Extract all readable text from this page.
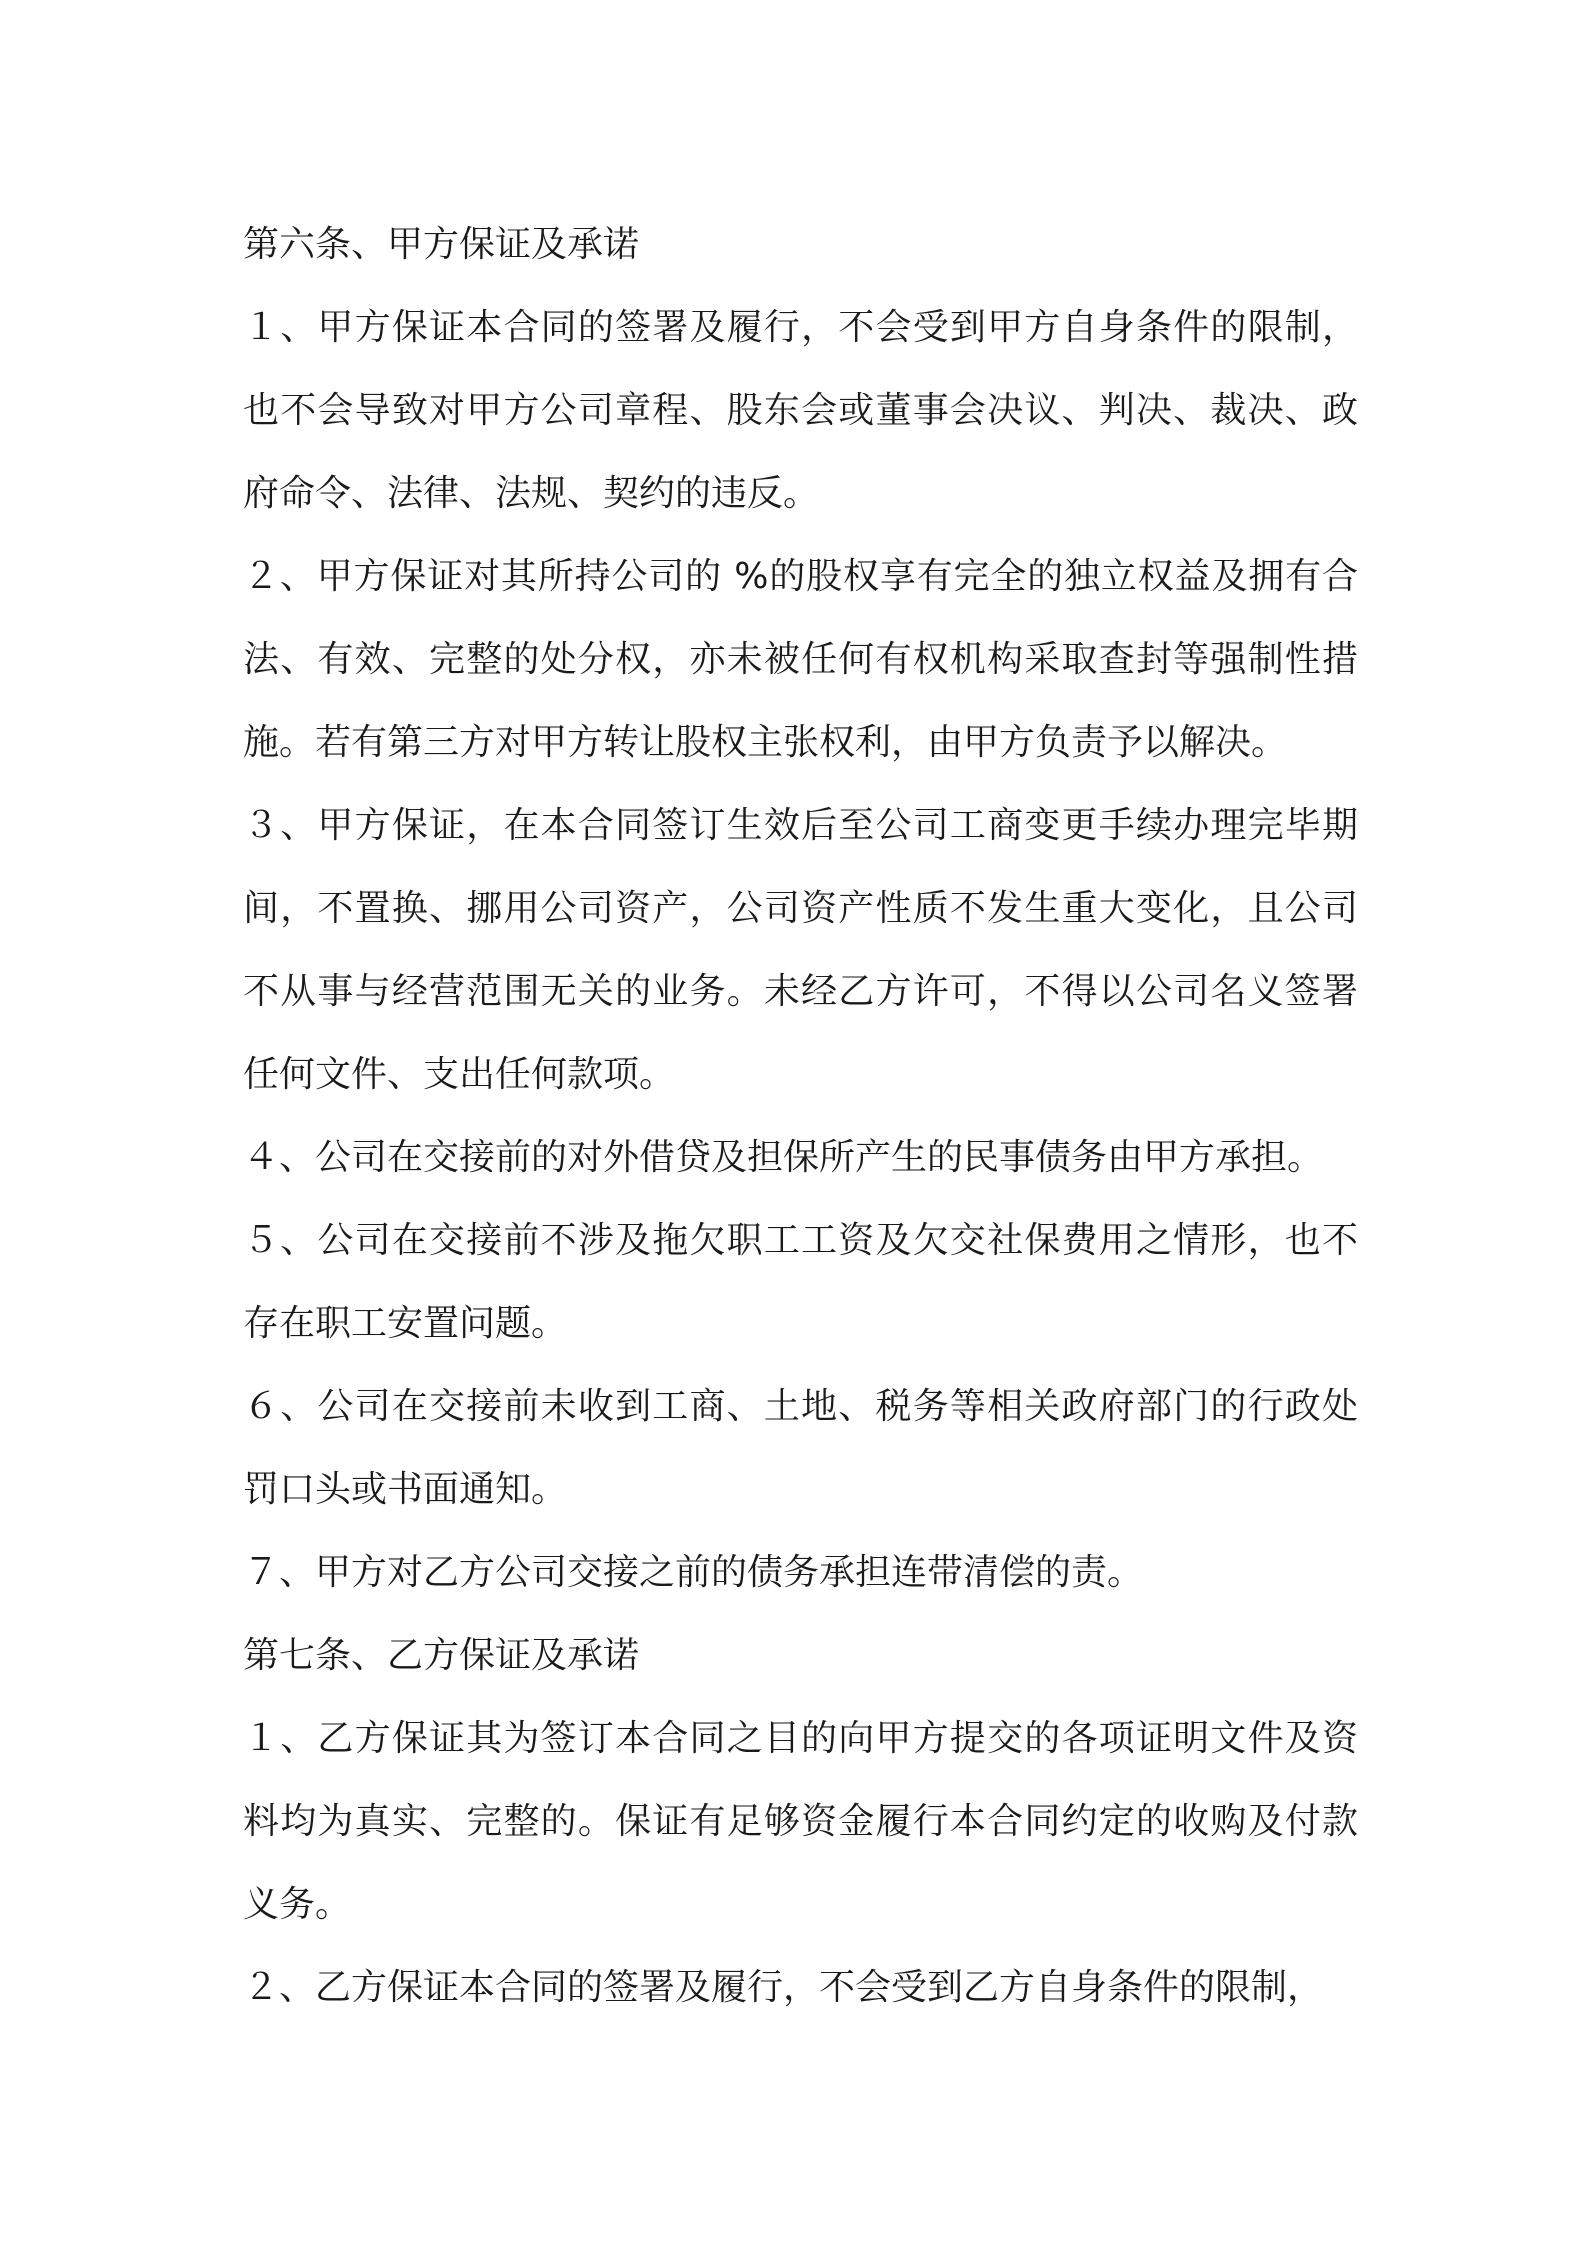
第六条、甲方保证及承诺

１、甲方保证本合同的签署及履行，不会受到甲方自身条件的限制，也不会导致对甲方公司章程、股东会或董事会决议、判决、裁决、政府命令、法律、法规、契约的违反。

２、甲方保证对其所持公司的 %的股权享有完全的独立权益及拥有合法、有效、完整的处分权，亦未被任何有权机构采取查封等强制性措施。若有第三方对甲方转让股权主张权利，由甲方负责予以解决。

３、甲方保证，在本合同签订生效后至公司工商变更手续办理完毕期间，不置换、挪用公司资产，公司资产性质不发生重大变化，且公司不从事与经营范围无关的业务。未经乙方许可，不得以公司名义签署任何文件、支出任何款项。

４、公司在交接前的对外借贷及担保所产生的民事债务由甲方承担。

５、公司在交接前不涉及拖欠职工工资及欠交社保费用之情形，也不存在职工安置问题。

６、公司在交接前未收到工商、土地、税务等相关政府部门的行政处罚口头或书面通知。

７、甲方对乙方公司交接之前的债务承担连带清偿的责。

第七条、乙方保证及承诺

１、乙方保证其为签订本合同之目的向甲方提交的各项证明文件及资料均为真实、完整的。保证有足够资金履行本合同约定的收购及付款义务。

２、乙方保证本合同的签署及履行，不会受到乙方自身条件的限制，
